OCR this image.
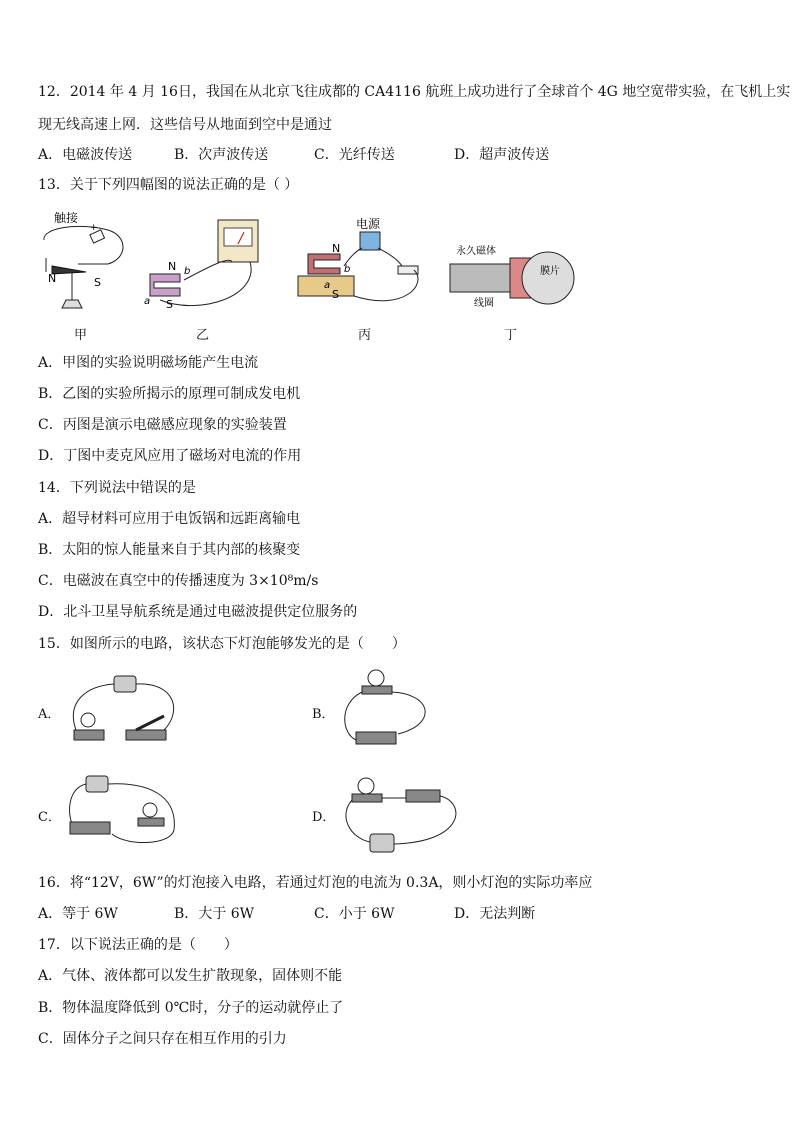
12．2014 年 4 月 16日，我国在从北京飞往成都的 CA4116 航班上成功进行了全球首个 4G 地空宽带实验，在飞机上实
现无线高速上网．这些信号从地面到空中是通过
A．电磁波传送	B．次声波传送	C．光纤传送	D．超声波传送
13．关于下列四幅图的说法正确的是（ ）
触接
+
N	S
甲
N b
a S
乙
电源
N
b
a
S
丙
永久磁体
膜片
线圈
丁
A．甲图的实验说明磁场能产生电流
B．乙图的实验所揭示的原理可制成发电机
C．丙图是演示电磁感应现象的实验装置
D．丁图中麦克风应用了磁场对电流的作用
14．下列说法中错误的是
A．超导材料可应用于电饭锅和远距离输电
B．太阳的惊人能量来自于其内部的核聚变
C．电磁波在真空中的传播速度为 3×10⁸m/s
D．北斗卫星导航系统是通过电磁波提供定位服务的
15．如图所示的电路，该状态下灯泡能够发光的是（　　）
A．	B．
C．	D．
16．将“12V，6W”的灯泡接入电路，若通过灯泡的电流为 0.3A，则小灯泡的实际功率应
A．等于 6W	B．大于 6W	C．小于 6W	D．无法判断
17．以下说法正确的是（　　）
A．气体、液体都可以发生扩散现象，固体则不能
B．物体温度降低到 0℃时，分子的运动就停止了
C．固体分子之间只存在相互作用的引力
